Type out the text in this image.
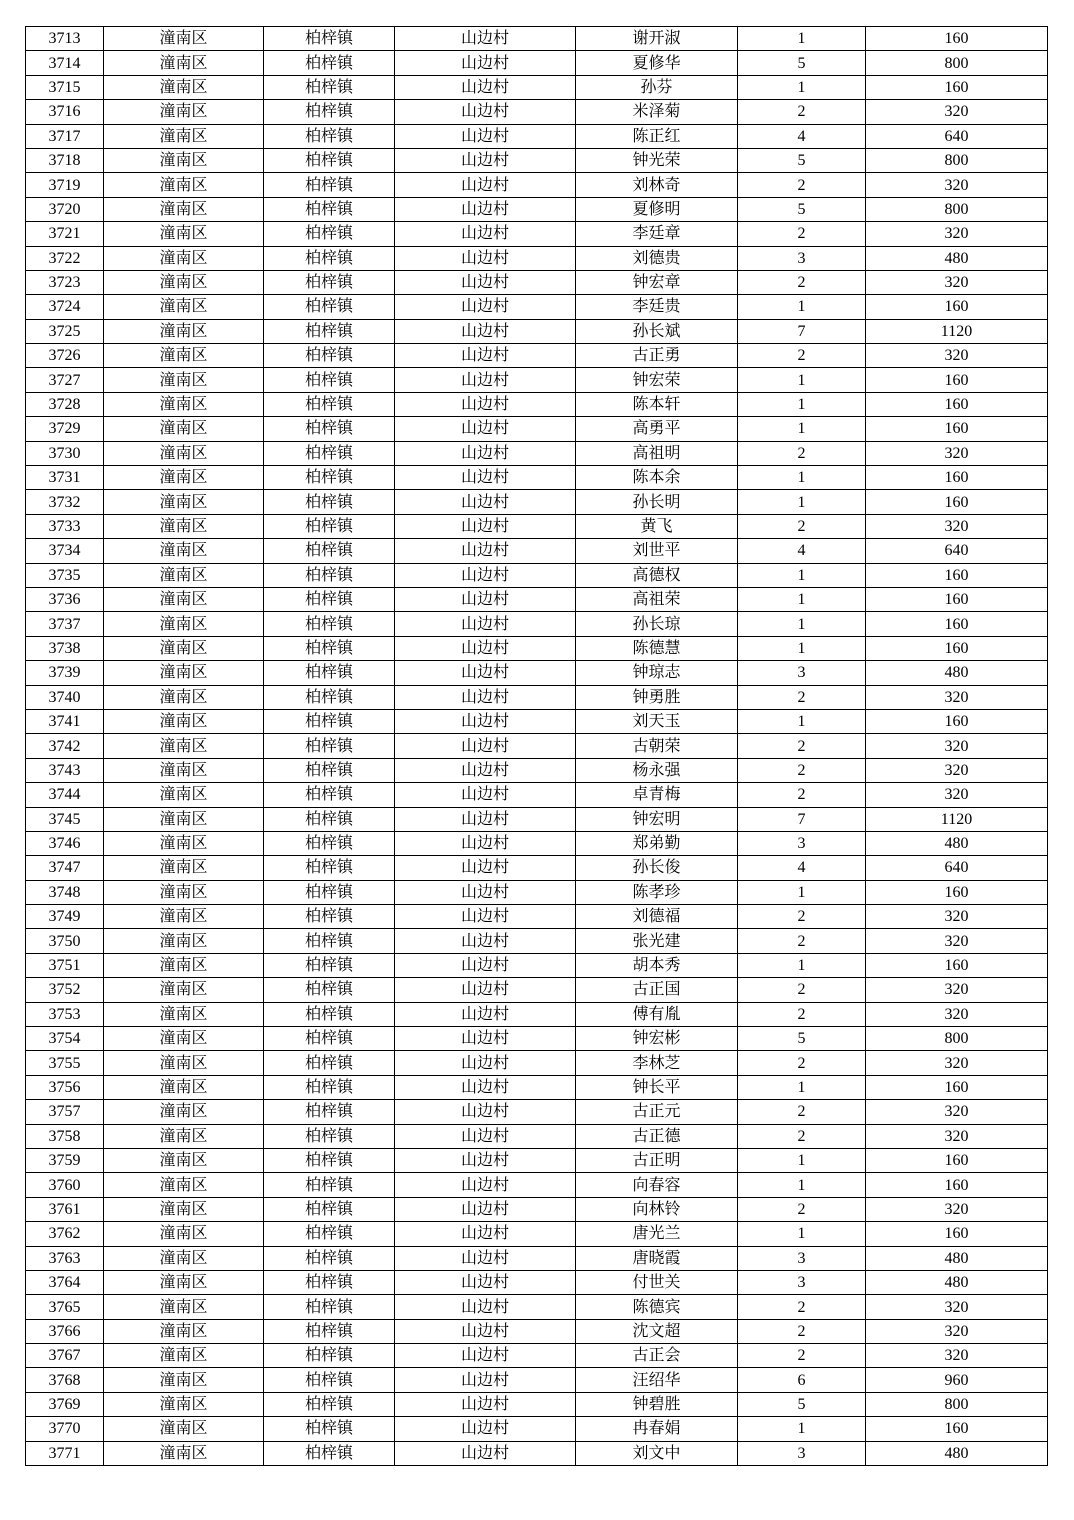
3713	潼南区	柏梓镇	山边村	谢开淑	1	160
3714	潼南区	柏梓镇	山边村	夏修华	5	800
3715	潼南区	柏梓镇	山边村	孙芬	1	160
3716	潼南区	柏梓镇	山边村	米泽菊	2	320
3717	潼南区	柏梓镇	山边村	陈正红	4	640
3718	潼南区	柏梓镇	山边村	钟光荣	5	800
3719	潼南区	柏梓镇	山边村	刘林奇	2	320
3720	潼南区	柏梓镇	山边村	夏修明	5	800
3721	潼南区	柏梓镇	山边村	李廷章	2	320
3722	潼南区	柏梓镇	山边村	刘德贵	3	480
3723	潼南区	柏梓镇	山边村	钟宏章	2	320
3724	潼南区	柏梓镇	山边村	李廷贵	1	160
3725	潼南区	柏梓镇	山边村	孙长斌	7	1120
3726	潼南区	柏梓镇	山边村	古正勇	2	320
3727	潼南区	柏梓镇	山边村	钟宏荣	1	160
3728	潼南区	柏梓镇	山边村	陈本轩	1	160
3729	潼南区	柏梓镇	山边村	高勇平	1	160
3730	潼南区	柏梓镇	山边村	高祖明	2	320
3731	潼南区	柏梓镇	山边村	陈本余	1	160
3732	潼南区	柏梓镇	山边村	孙长明	1	160
3733	潼南区	柏梓镇	山边村	黄飞	2	320
3734	潼南区	柏梓镇	山边村	刘世平	4	640
3735	潼南区	柏梓镇	山边村	高德权	1	160
3736	潼南区	柏梓镇	山边村	高祖荣	1	160
3737	潼南区	柏梓镇	山边村	孙长琼	1	160
3738	潼南区	柏梓镇	山边村	陈德慧	1	160
3739	潼南区	柏梓镇	山边村	钟琼志	3	480
3740	潼南区	柏梓镇	山边村	钟勇胜	2	320
3741	潼南区	柏梓镇	山边村	刘天玉	1	160
3742	潼南区	柏梓镇	山边村	古朝荣	2	320
3743	潼南区	柏梓镇	山边村	杨永强	2	320
3744	潼南区	柏梓镇	山边村	卓青梅	2	320
3745	潼南区	柏梓镇	山边村	钟宏明	7	1120
3746	潼南区	柏梓镇	山边村	郑弟勤	3	480
3747	潼南区	柏梓镇	山边村	孙长俊	4	640
3748	潼南区	柏梓镇	山边村	陈孝珍	1	160
3749	潼南区	柏梓镇	山边村	刘德福	2	320
3750	潼南区	柏梓镇	山边村	张光建	2	320
3751	潼南区	柏梓镇	山边村	胡本秀	1	160
3752	潼南区	柏梓镇	山边村	古正国	2	320
3753	潼南区	柏梓镇	山边村	傅有胤	2	320
3754	潼南区	柏梓镇	山边村	钟宏彬	5	800
3755	潼南区	柏梓镇	山边村	李林芝	2	320
3756	潼南区	柏梓镇	山边村	钟长平	1	160
3757	潼南区	柏梓镇	山边村	古正元	2	320
3758	潼南区	柏梓镇	山边村	古正德	2	320
3759	潼南区	柏梓镇	山边村	古正明	1	160
3760	潼南区	柏梓镇	山边村	向春容	1	160
3761	潼南区	柏梓镇	山边村	向林铃	2	320
3762	潼南区	柏梓镇	山边村	唐光兰	1	160
3763	潼南区	柏梓镇	山边村	唐晓霞	3	480
3764	潼南区	柏梓镇	山边村	付世关	3	480
3765	潼南区	柏梓镇	山边村	陈德宾	2	320
3766	潼南区	柏梓镇	山边村	沈文超	2	320
3767	潼南区	柏梓镇	山边村	古正会	2	320
3768	潼南区	柏梓镇	山边村	汪绍华	6	960
3769	潼南区	柏梓镇	山边村	钟碧胜	5	800
3770	潼南区	柏梓镇	山边村	冉春娟	1	160
3771	潼南区	柏梓镇	山边村	刘文中	3	480
